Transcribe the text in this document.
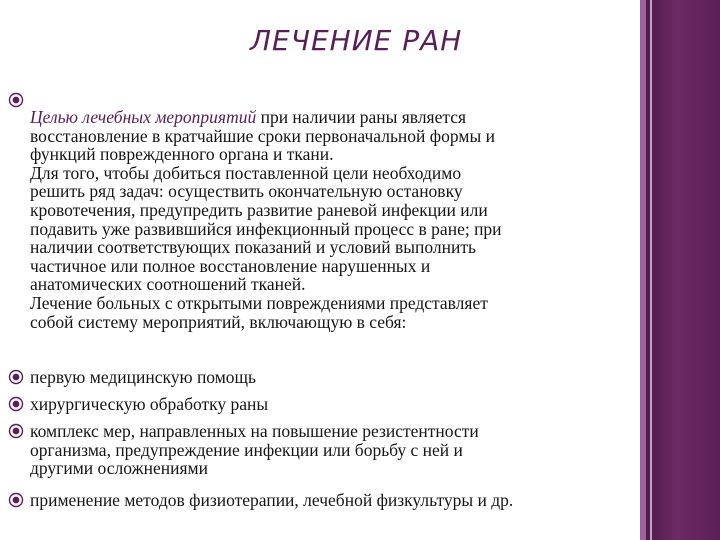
ЛЕЧЕНИЕ РАН
Целью лечебных мероприятий при наличии раны является
восстановление в кратчайшие сроки первоначальной формы и
функций поврежденного органа и ткани.
Для того, чтобы добиться поставленной цели необходимо
решить ряд задач: осуществить окончательную остановку
кровотечения, предупредить развитие раневой инфекции или
подавить уже развившийся инфекционный процесс в ране; при
наличии соответствующих показаний и условий выполнить
частичное или полное восстановление нарушенных и
анатомических соотношений тканей.
Лечение больных с открытыми повреждениями представляет
собой систему мероприятий, включающую в себя:
первую медицинскую помощь
хирургическую обработку раны
комплекс мер, направленных на повышение резистентности
организма, предупреждение инфекции или борьбу с ней и
другими осложнениями
применение методов физиотерапии, лечебной физкультуры и др.
